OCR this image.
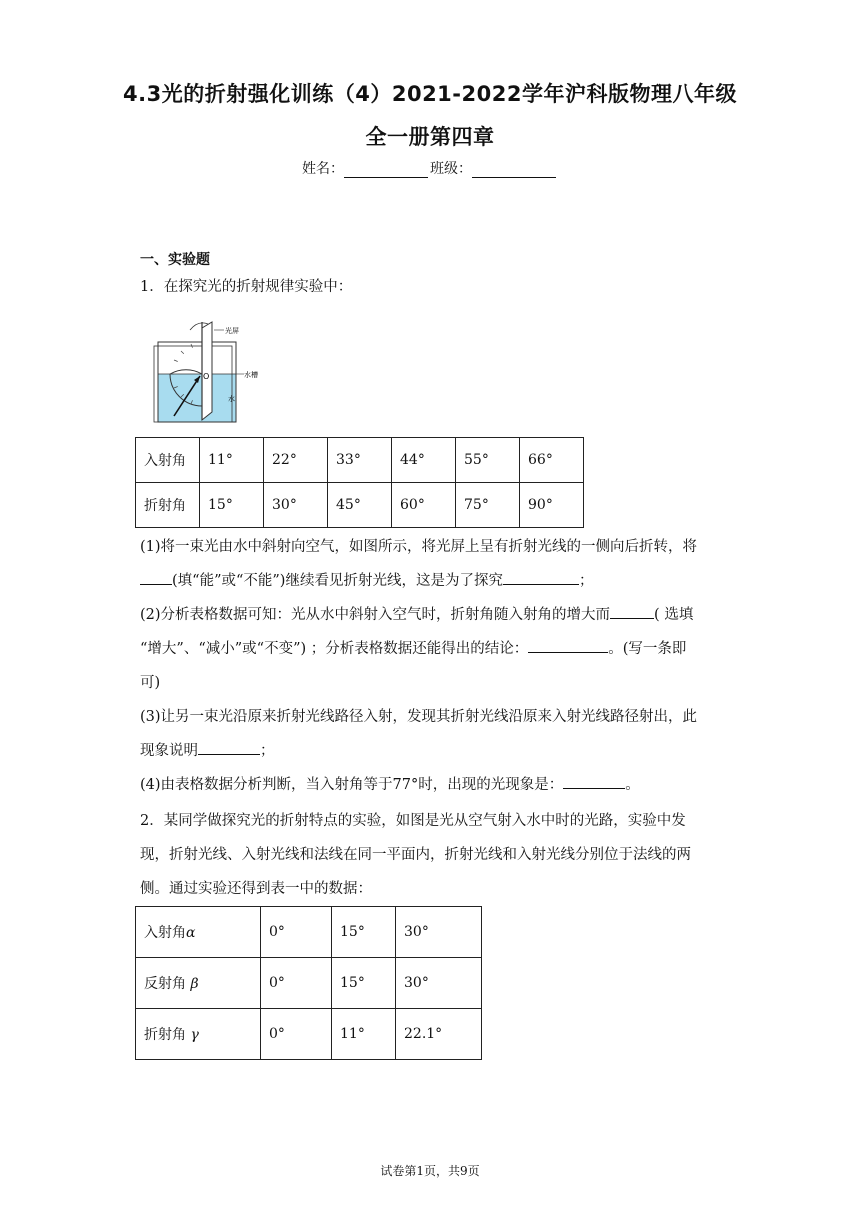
4.3光的折射强化训练（4）2021-2022学年沪科版物理八年级
全一册第四章
姓名：	班级：
一、实验题
1．在探究光的折射规律实验中：
O
光屏
水槽
水
入射角	11°	22°	33°	44°	55°	66°
折射角	15°	30°	45°	60°	75°	90°
(1)将一束光由水中斜射向空气，如图所示，将光屏上呈有折射光线的一侧向后折转，将
(填“能”或“不能”)继续看见折射光线，这是为了探究	；
(2)分析表格数据可知：光从水中斜射入空气时，折射角随入射角的增大而	( 选填
“增大”、“减小”或“不变”) ；分析表格数据还能得出的结论：	。(写一条即
可)
(3)让另一束光沿原来折射光线路径入射，发现其折射光线沿原来入射光线路径射出，此
现象说明	；
(4)由表格数据分析判断，当入射角等于77°时，出现的光现象是：	。
2．某同学做探究光的折射特点的实验，如图是光从空气射入水中时的光路，实验中发
现，折射光线、入射光线和法线在同一平面内，折射光线和入射光线分别位于法线的两
侧。通过实验还得到表一中的数据：
入射角α	0°	15°	30°
反射角 β	0°	15°	30°
折射角 γ	0°	11°	22.1°
试卷第1页，共9页
